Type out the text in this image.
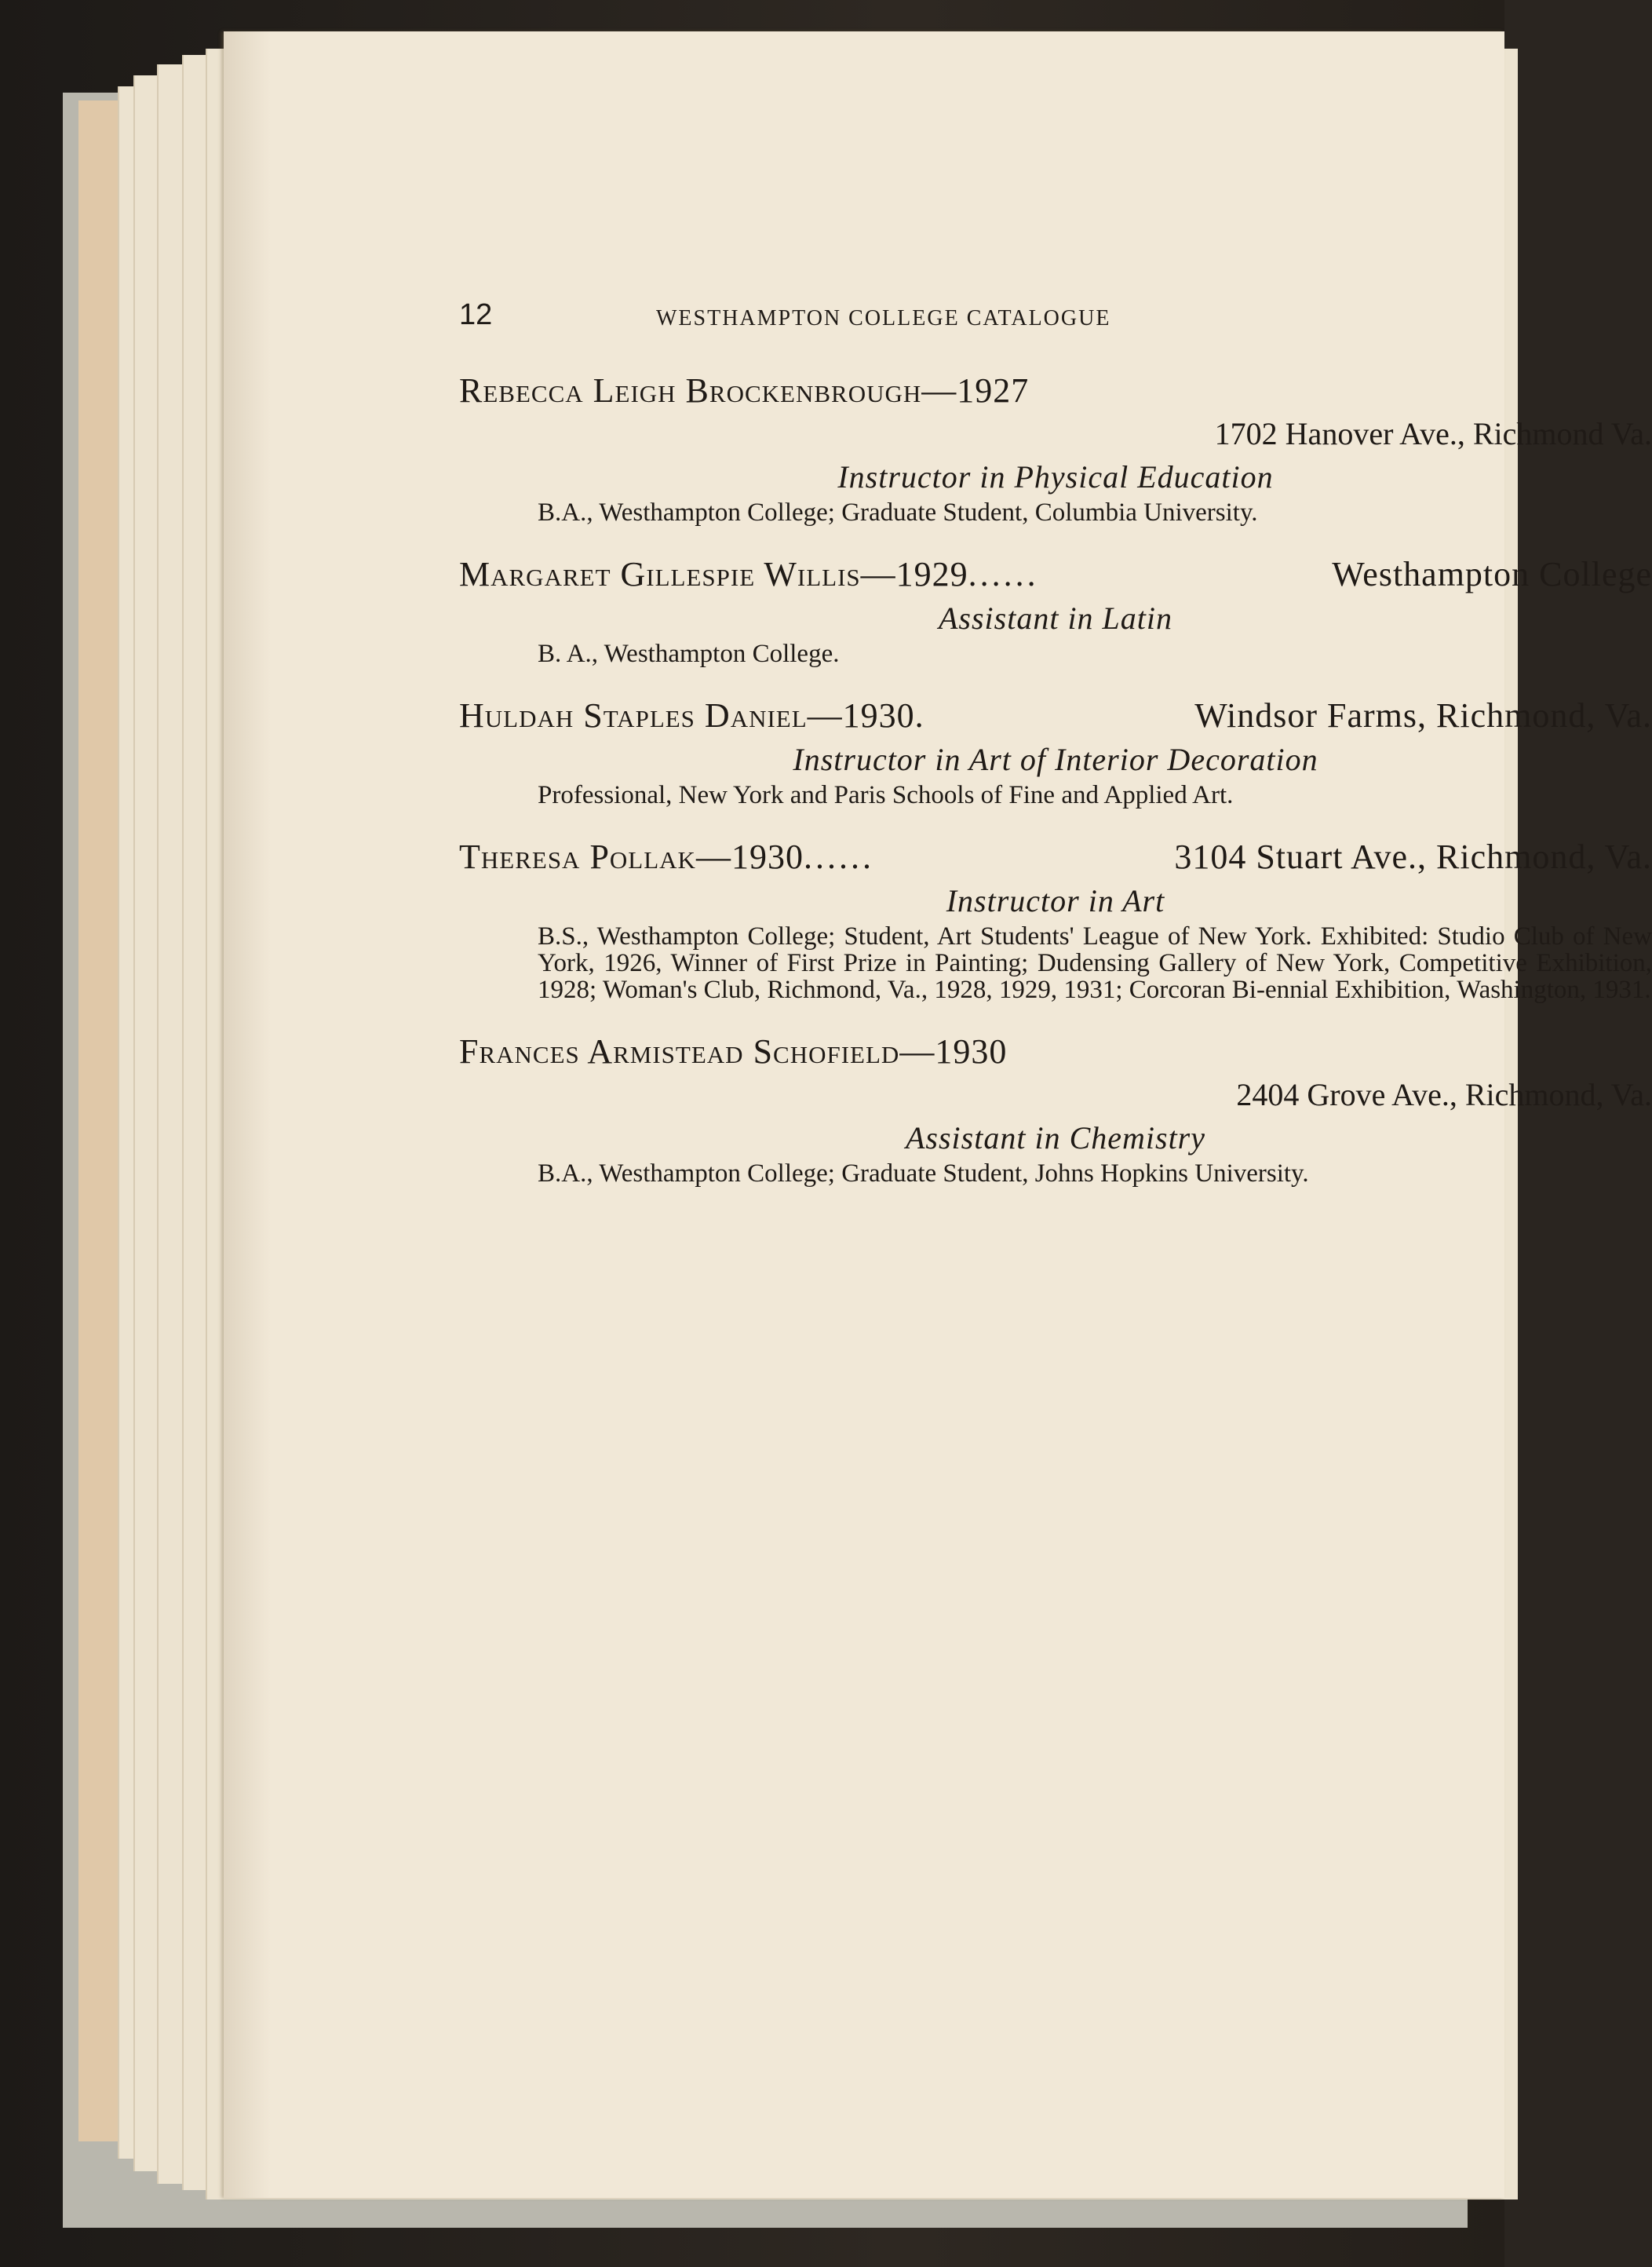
12	WESTHAMPTON COLLEGE CATALOGUE
Rebecca Leigh Brockenbrough—1927
1702 Hanover Ave., Richmond Va.
Instructor in Physical Education
B.A., Westhampton College; Graduate Student, Columbia University.
Margaret Gillespie Willis—1929......	Westhampton College
Assistant in Latin
B. A., Westhampton College.
Huldah Staples Daniel—1930.	Windsor Farms, Richmond, Va.
Instructor in Art of Interior Decoration
Professional, New York and Paris Schools of Fine and Applied Art.
Theresa Pollak—1930......	3104 Stuart Ave., Richmond, Va.
Instructor in Art
B.S., Westhampton College; Student, Art Students' League of New York. Exhibited: Studio Club of New York, 1926, Winner of First Prize in Painting; Dudensing Gallery of New York, Competitive Exhibition, 1928; Woman's Club, Richmond, Va., 1928, 1929, 1931; Corcoran Bi-ennial Exhibition, Washington, 1931.
Frances Armistead Schofield—1930
2404 Grove Ave., Richmond, Va.
Assistant in Chemistry
B.A., Westhampton College; Graduate Student, Johns Hopkins University.
